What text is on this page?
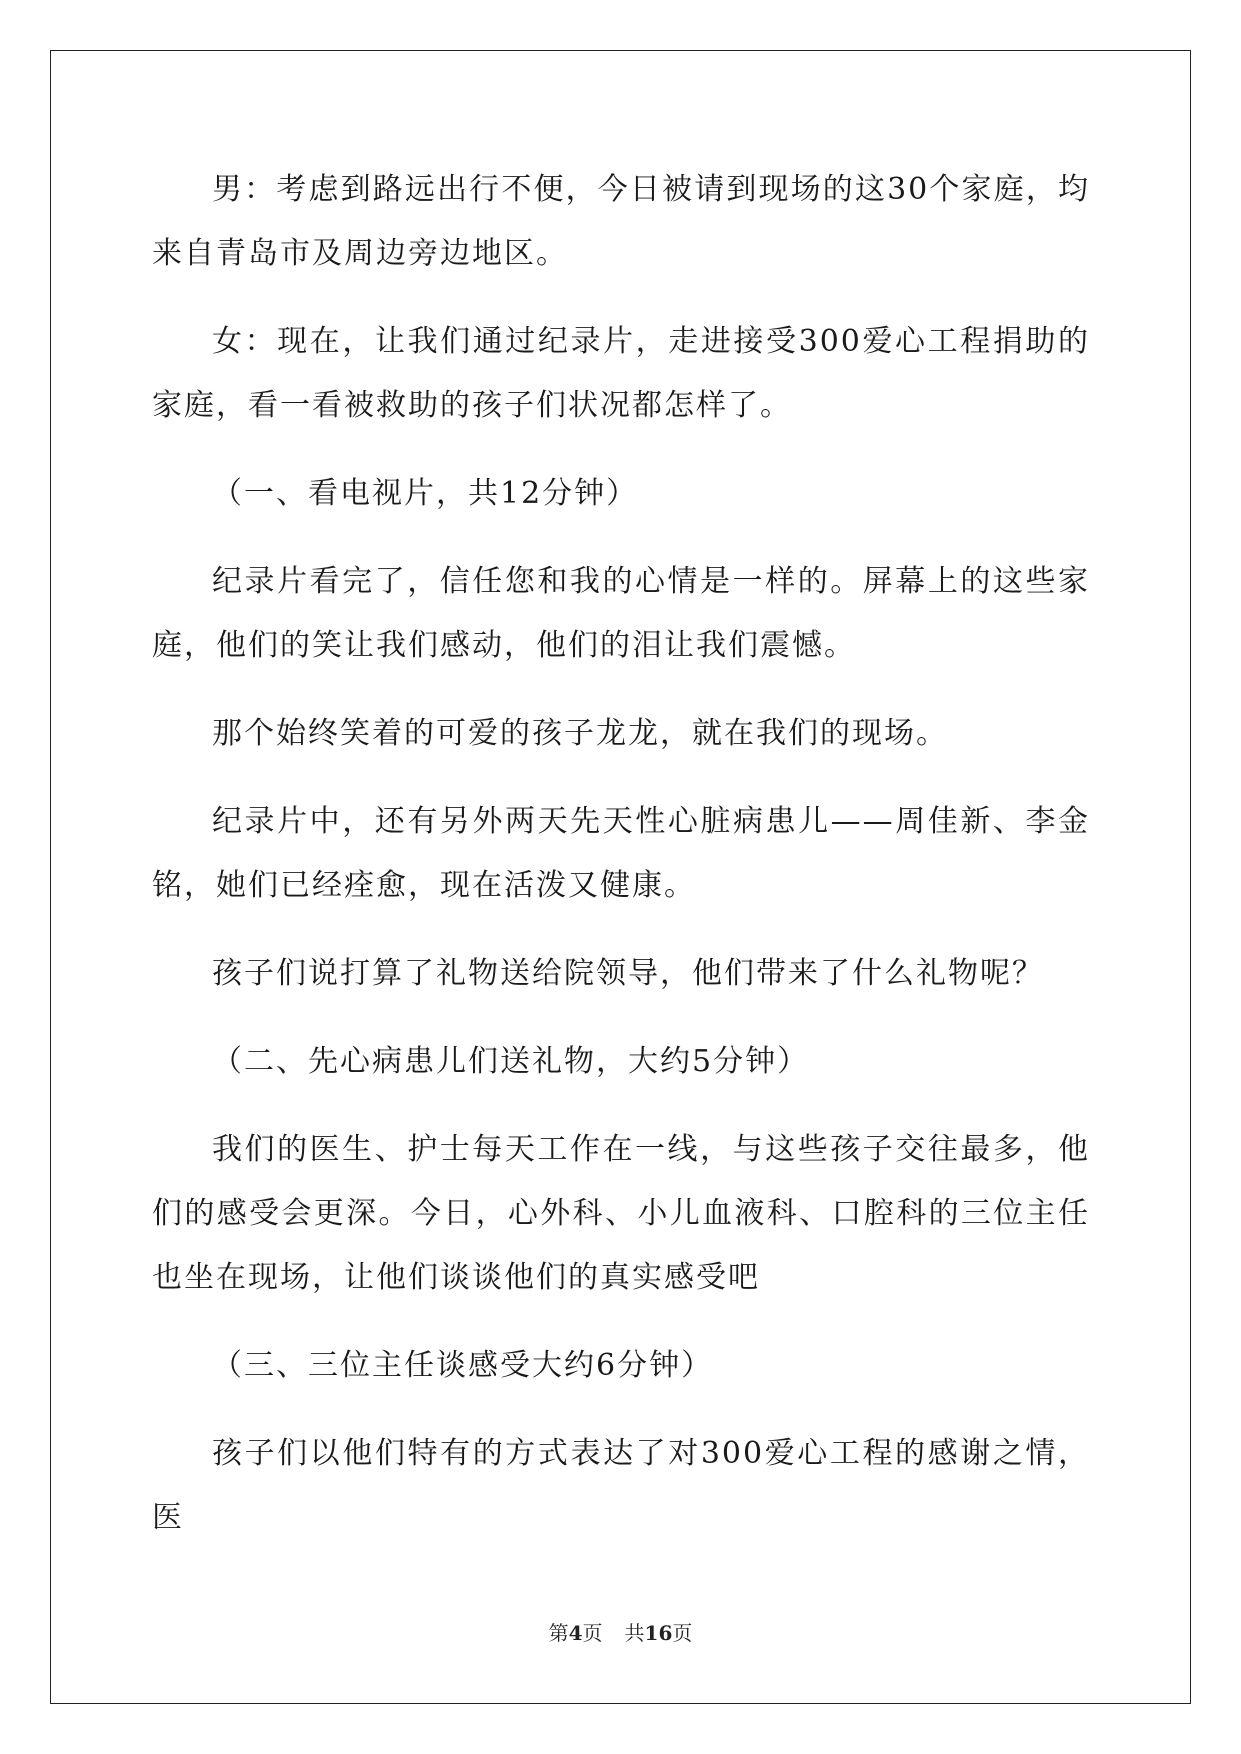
男：考虑到路远出行不便，今日被请到现场的这30个家庭，均来自青岛市及周边旁边地区。

女：现在，让我们通过纪录片，走进接受300爱心工程捐助的家庭，看一看被救助的孩子们状况都怎样了。

（一、看电视片，共12分钟）

纪录片看完了，信任您和我的心情是一样的。屏幕上的这些家庭，他们的笑让我们感动，他们的泪让我们震憾。

那个始终笑着的可爱的孩子龙龙，就在我们的现场。

纪录片中，还有另外两天先天性心脏病患儿——周佳新、李金铭，她们已经痊愈，现在活泼又健康。

孩子们说打算了礼物送给院领导，他们带来了什么礼物呢？

（二、先心病患儿们送礼物，大约5分钟）

我们的医生、护士每天工作在一线，与这些孩子交往最多，他们的感受会更深。今日，心外科、小儿血液科、口腔科的三位主任也坐在现场，让他们谈谈他们的真实感受吧

（三、三位主任谈感受大约6分钟）

孩子们以他们特有的方式表达了对300爱心工程的感谢之情，医

第4页 共16页
